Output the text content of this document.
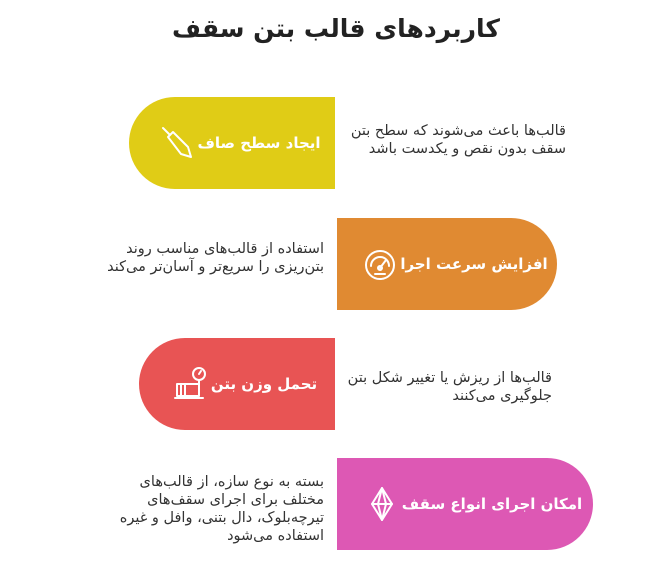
کاربردهای قالب بتن سقف
ایجاد سطح صاف
قالب‌ها باعث می‌شوند که سطح بتن سقف بدون نقص و یکدست باشد
افزایش سرعت اجرا
استفاده از قالب‌های مناسب روند بتن‌ریزی را سریع‌تر و آسان‌تر می‌کند
تحمل وزن بتن قالب‌ها از ریزش یا تغییر شکل بتن جلوگیری می‌کنند
امکان اجرای انواع سقف
بسته به نوع سازه، از قالب‌های مختلف برای اجرای سقف‌های تیرچه‌بلوک، دال بتنی، وافل و غیره استفاده می‌شود
